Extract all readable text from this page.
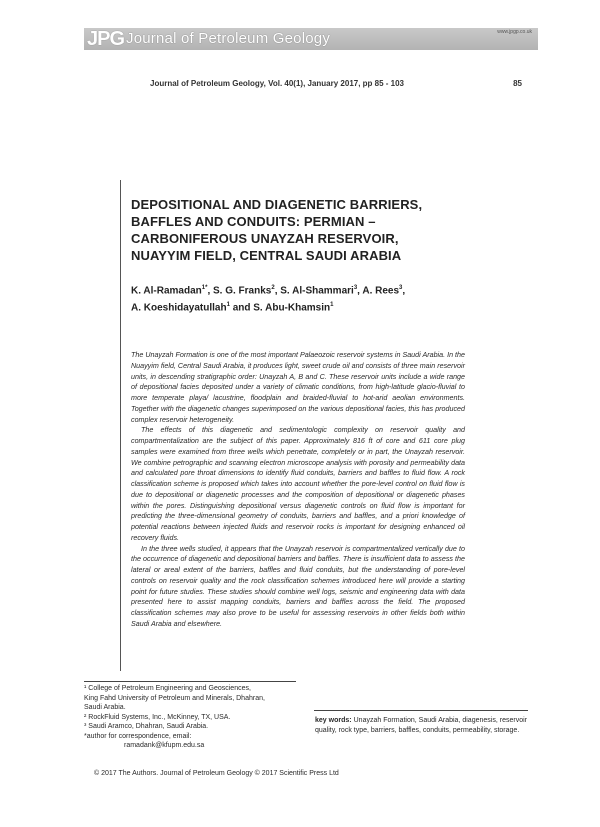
JPG Journal of Petroleum Geology	www.jpgp.co.uk
Journal of Petroleum Geology, Vol. 40(1), January 2017, pp 85 - 103	85
DEPOSITIONAL AND DIAGENETIC BARRIERS,
BAFFLES AND CONDUITS: PERMIAN –
CARBONIFEROUS UNAYZAH RESERVOIR,
NUAYYIM FIELD, CENTRAL SAUDI ARABIA
K. Al-Ramadan$^{1*}$, S. G. Franks$^2$, S. Al-Shammari$^3$, A. Rees$^3$,
A. Koeshidayatullah$^1$ and S. Abu-Khamsin$^1$

The Unayzah Formation is one of the most important Palaeozoic reservoir systems in Saudi Arabia. In the Nuayyim field, Central Saudi Arabia, it produces light, sweet crude oil and consists of three main reservoir units, in descending stratigraphic order: Unayzah A, B and C. These reservoir units include a wide range of depositional facies deposited under a variety of climatic conditions, from high-latitude glacio-fluvial to more temperate playa/ lacustrine, floodplain and braided-fluvial to hot-arid aeolian environments. Together with the diagenetic changes superimposed on the various depositional facies, this has produced complex reservoir heterogeneity.

The effects of this diagenetic and sedimentologic complexity on reservoir quality and compartmentalization are the subject of this paper. Approximately 816 ft of core and 611 core plug samples were examined from three wells which penetrate, completely or in part, the Unayzah reservoir. We combine petrographic and scanning electron microscope analysis with porosity and permeability data and calculated pore throat dimensions to identify fluid conduits, barriers and baffles to fluid flow. A rock classification scheme is proposed which takes into account whether the pore-level control on fluid flow is due to depositional or diagenetic processes and the composition of depositional or diagenetic phases within the pores. Distinguishing depositional versus diagenetic controls on fluid flow is important for predicting the three-dimensional geometry of conduits, barriers and baffles, and a priori knowledge of potential reactions between injected fluids and reservoir rocks is important for designing enhanced oil recovery fluids.

In the three wells studied, it appears that the Unayzah reservoir is compartmentalized vertically due to the occurrence of diagenetic and depositional barriers and baffles. There is insufficient data to assess the lateral or areal extent of the barriers, baffles and fluid conduits, but the understanding of pore-level controls on reservoir quality and the rock classification schemes introduced here will provide a starting point for future studies. These studies should combine well logs, seismic and engineering data with data presented here to assist mapping conduits, barriers and baffles across the field. The proposed classification schemes may also prove to be useful for assessing reservoirs in other fields both within Saudi Arabia and elsewhere.

¹ College of Petroleum Engineering and Geosciences,
King Fahd University of Petroleum and Minerals, Dhahran,
Saudi Arabia.
² RockFluid Systems, Inc., McKinney, TX, USA.
³ Saudi Aramco, Dhahran, Saudi Arabia.
*author for correspondence, email:
ramadank@kfupm.edu.sa
key words: Unayzah Formation, Saudi Arabia, diagenesis, reservoir quality, rock type, barriers, baffles, conduits, permeability, storage.
© 2017 The Authors. Journal of Petroleum Geology © 2017 Scientific Press Ltd
